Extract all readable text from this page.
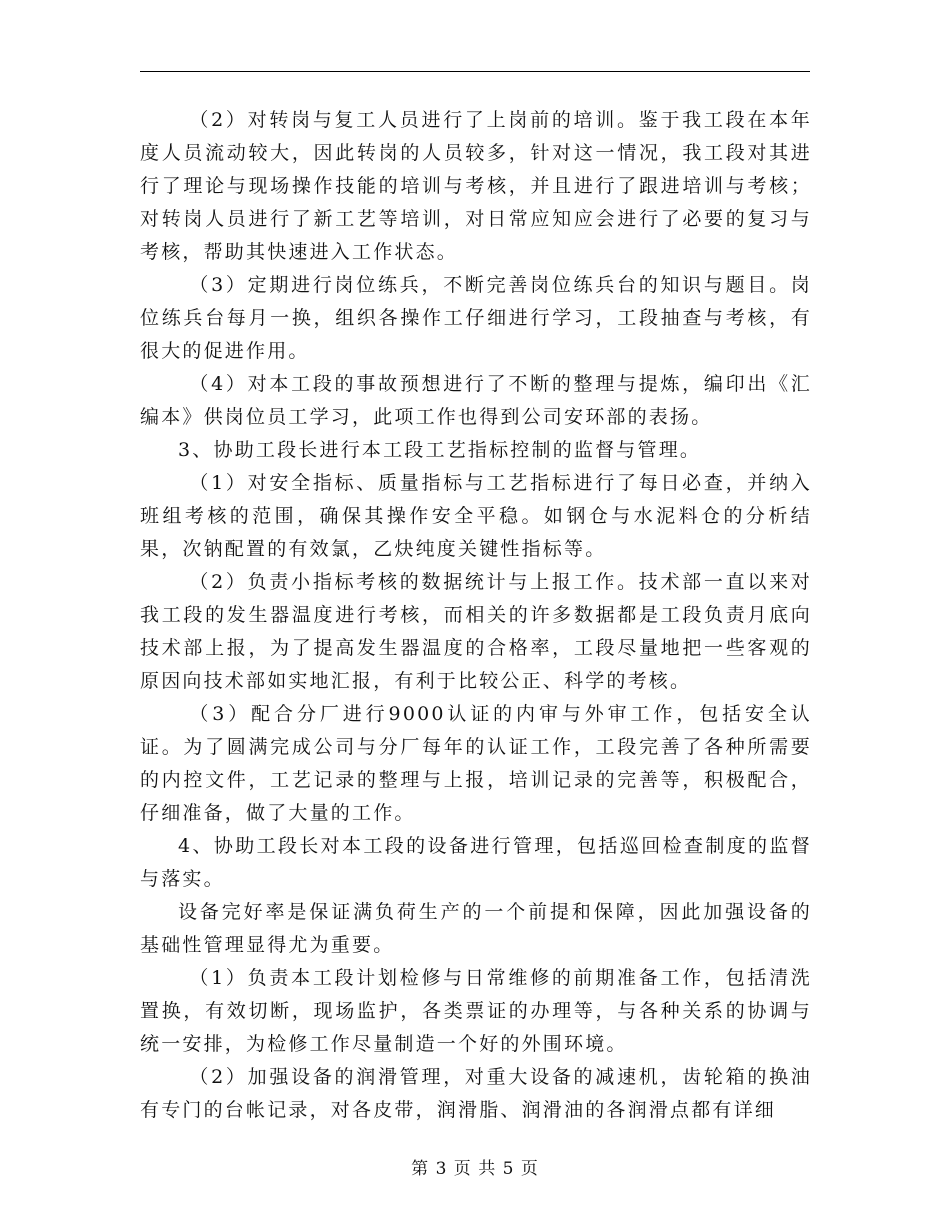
（2）对转岗与复工人员进行了上岗前的培训。鉴于我工段在本年度人员流动较大，因此转岗的人员较多，针对这一情况，我工段对其进行了理论与现场操作技能的培训与考核，并且进行了跟进培训与考核；对转岗人员进行了新工艺等培训，对日常应知应会进行了必要的复习与考核，帮助其快速进入工作状态。

（3）定期进行岗位练兵，不断完善岗位练兵台的知识与题目。岗位练兵台每月一换，组织各操作工仔细进行学习，工段抽查与考核，有很大的促进作用。

（4）对本工段的事故预想进行了不断的整理与提炼，编印出《汇编本》供岗位员工学习，此项工作也得到公司安环部的表扬。

3、协助工段长进行本工段工艺指标控制的监督与管理。

（1）对安全指标、质量指标与工艺指标进行了每日必查，并纳入班组考核的范围，确保其操作安全平稳。如钢仓与水泥料仓的分析结果，次钠配置的有效氯，乙炔纯度关键性指标等。

（2）负责小指标考核的数据统计与上报工作。技术部一直以来对我工段的发生器温度进行考核，而相关的许多数据都是工段负责月底向技术部上报，为了提高发生器温度的合格率，工段尽量地把一些客观的原因向技术部如实地汇报，有利于比较公正、科学的考核。

（3）配合分厂进行9000认证的内审与外审工作，包括安全认证。为了圆满完成公司与分厂每年的认证工作，工段完善了各种所需要的内控文件，工艺记录的整理与上报，培训记录的完善等，积极配合，仔细准备，做了大量的工作。

4、协助工段长对本工段的设备进行管理，包括巡回检查制度的监督与落实。

设备完好率是保证满负荷生产的一个前提和保障，因此加强设备的基础性管理显得尤为重要。

（1）负责本工段计划检修与日常维修的前期准备工作，包括清洗置换，有效切断，现场监护，各类票证的办理等，与各种关系的协调与统一安排，为检修工作尽量制造一个好的外围环境。

（2）加强设备的润滑管理，对重大设备的减速机，齿轮箱的换油有专门的台帐记录，对各皮带，润滑脂、润滑油的各润滑点都有详细

第 3 页 共 5 页
